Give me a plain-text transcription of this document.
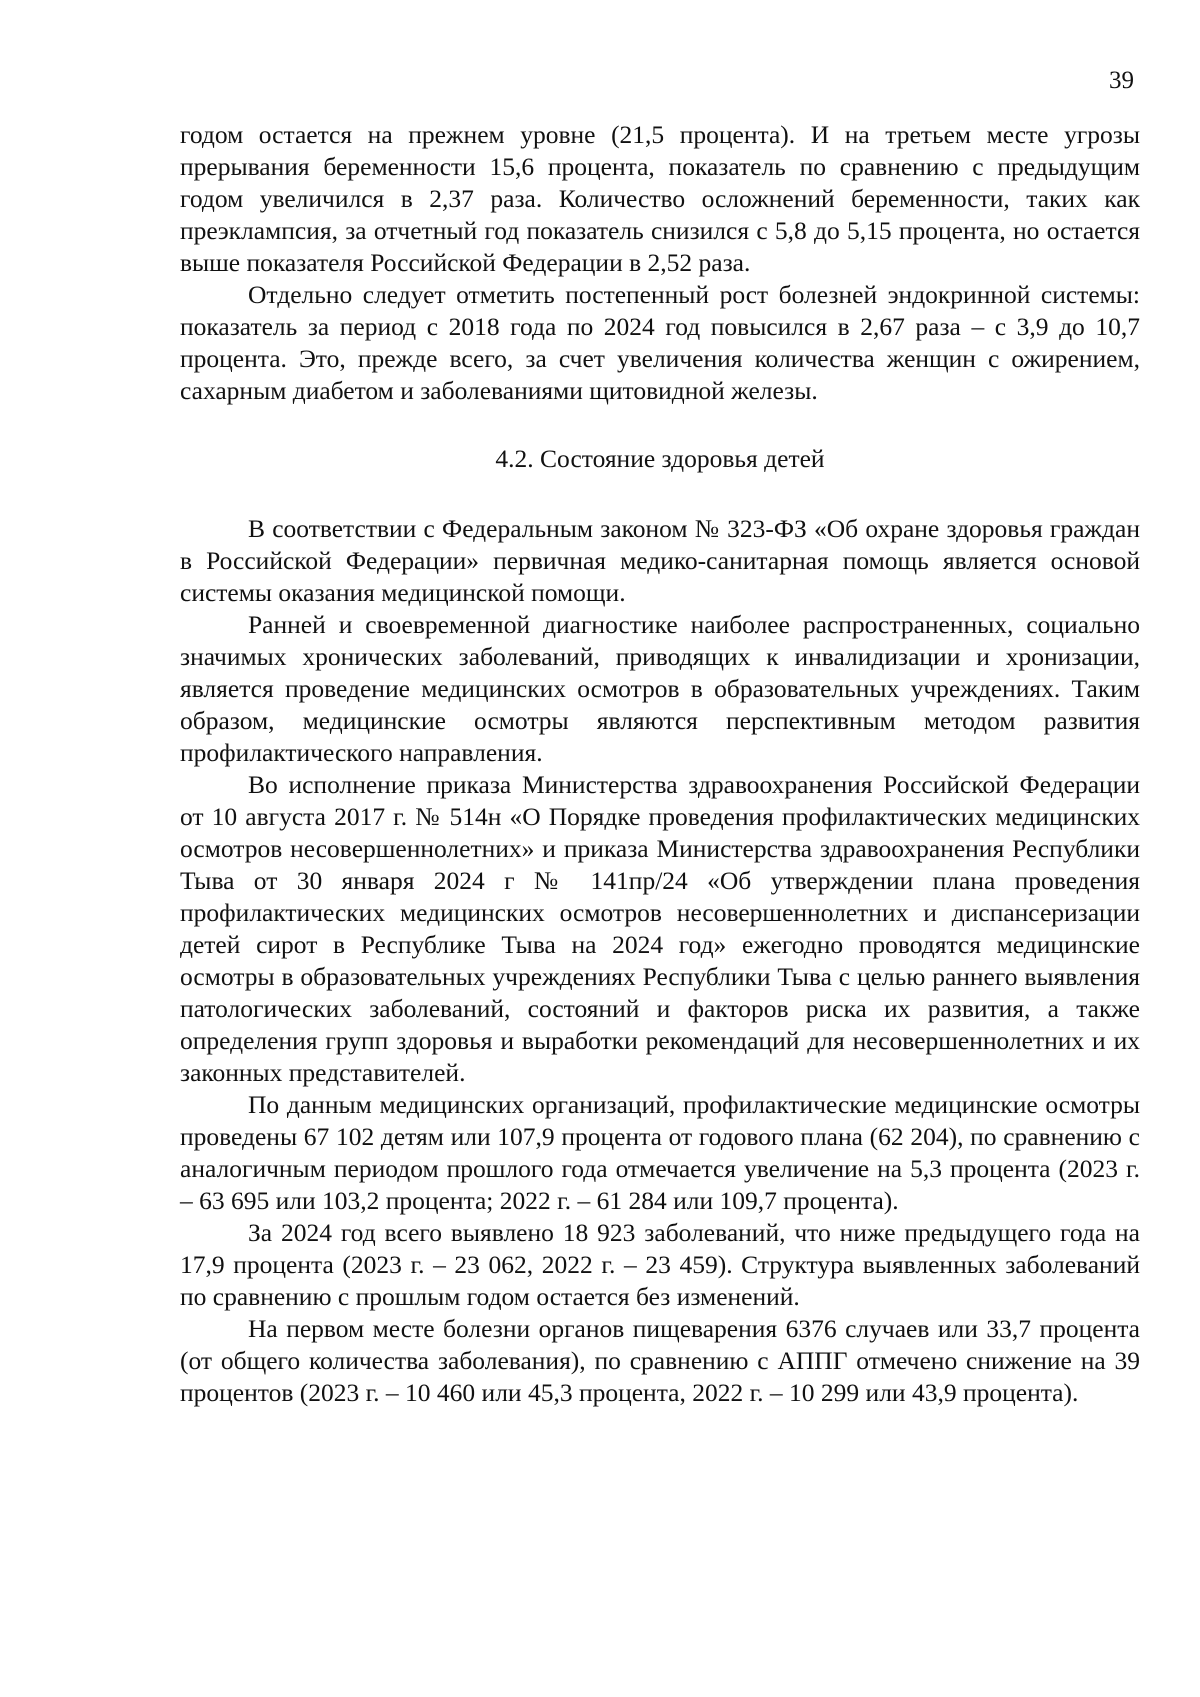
39

годом остается на прежнем уровне (21,5 процента). И на третьем месте угрозы прерывания беременности 15,6 процента, показатель по сравнению с предыдущим годом увеличился в 2,37 раза. Количество осложнений беременности, таких как преэклампсия, за отчетный год показатель снизился с 5,8 до 5,15 процента, но остается выше показателя Российской Федерации в 2,52 раза.

Отдельно следует отметить постепенный рост болезней эндокринной системы: показатель за период с 2018 года по 2024 год повысился в 2,67 раза – с 3,9 до 10,7 процента. Это, прежде всего, за счет увеличения количества женщин с ожирением, сахарным диабетом и заболеваниями щитовидной железы.

4.2. Состояние здоровья детей

В соответствии с Федеральным законом № 323-ФЗ «Об охране здоровья граждан в Российской Федерации» первичная медико-санитарная помощь является основой системы оказания медицинской помощи.

Ранней и своевременной диагностике наиболее распространенных, социально значимых хронических заболеваний, приводящих к инвалидизации и хронизации, является проведение медицинских осмотров в образовательных учреждениях. Таким образом, медицинские осмотры являются перспективным методом развития профилактического направления.

Во исполнение приказа Министерства здравоохранения Российской Федерации от 10 августа 2017 г. № 514н «О Порядке проведения профилактических медицинских осмотров несовершеннолетних» и приказа Министерства здравоохранения Республики Тыва от 30 января 2024 г № 141пр/24 «Об утверждении плана проведения профилактических медицинских осмотров несовершеннолетних и диспансеризации детей сирот в Республике Тыва на 2024 год» ежегодно проводятся медицинские осмотры в образовательных учреждениях Республики Тыва с целью раннего выявления патологических заболеваний, состояний и факторов риска их развития, а также определения групп здоровья и выработки рекомендаций для несовершеннолетних и их законных представителей.

По данным медицинских организаций, профилактические медицинские осмотры проведены 67 102 детям или 107,9 процента от годового плана (62 204), по сравнению с аналогичным периодом прошлого года отмечается увеличение на 5,3 процента (2023 г. – 63 695 или 103,2 процента; 2022 г. – 61 284 или 109,7 процента).

За 2024 год всего выявлено 18 923 заболеваний, что ниже предыдущего года на 17,9 процента (2023 г. – 23 062, 2022 г. – 23 459). Структура выявленных заболеваний по сравнению с прошлым годом остается без изменений.

На первом месте болезни органов пищеварения 6376 случаев или 33,7 процента (от общего количества заболевания), по сравнению с АППГ отмечено снижение на 39 процентов (2023 г. – 10 460 или 45,3 процента, 2022 г. – 10 299 или 43,9 процента).
